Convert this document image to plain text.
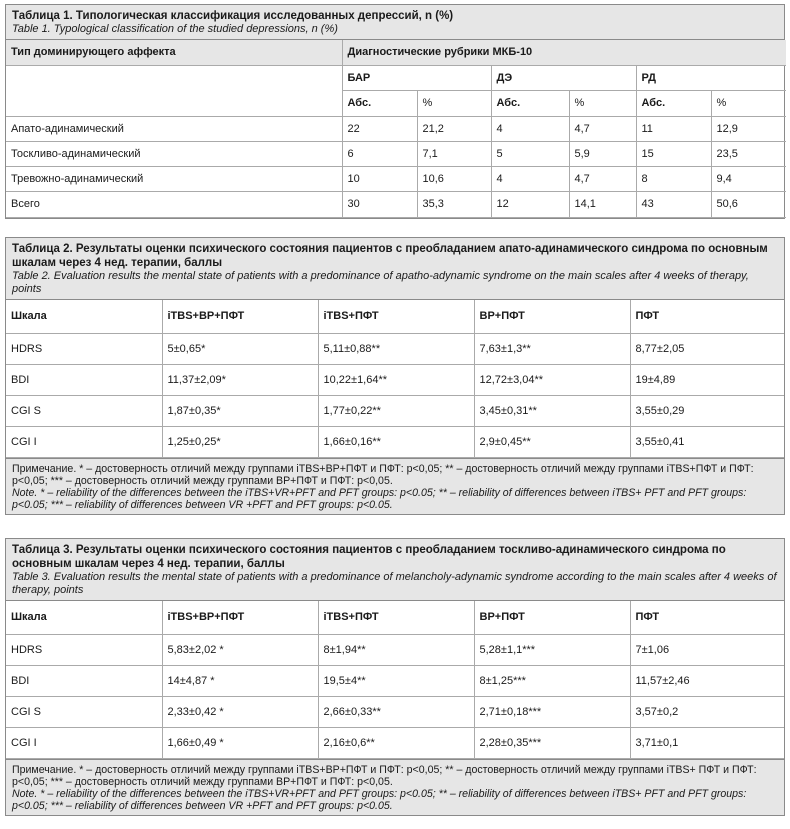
Таблица 1. Типологическая классификация исследованных депрессий, n (%)
Table 1. Typological classification of the studied depressions, n (%)
Тип доминирующего аффекта	Диагностические рубрики МКБ-10					
	БАР		ДЭ		РД	
	Абс.	%	Абс.	%	Абс.	%
Апато-адинамический	22	21,2	4	4,7	11	12,9
Тоскливо-адинамический	6	7,1	5	5,9	15	23,5
Тревожно-адинамический	10	10,6	4	4,7	8	9,4
Всего	30	35,3	12	14,1	43	50,6
Таблица 2. Результаты оценки психического состояния пациентов с преобладанием апато-адинамического синдрома по основным шкалам через 4 нед. терапии, баллы
Table 2. Evaluation results the mental state of patients with a predominance of apatho-adynamic syndrome on the main scales after 4 weeks of therapy, points
Шкала	iTBS+ВР+ПФТ	iTBS+ПФТ	ВР+ПФТ	ПФТ
HDRS	5±0,65*	5,11±0,88**	7,63±1,3**	8,77±2,05
BDI	11,37±2,09*	10,22±1,64**	12,72±3,04**	19±4,89
CGI S	1,87±0,35*	1,77±0,22**	3,45±0,31**	3,55±0,29
CGI I	1,25±0,25*	1,66±0,16**	2,9±0,45**	3,55±0,41
Примечание. * – достоверность отличий между группами iTBS+ВР+ПФТ и ПФТ: p<0,05; ** – достоверность отличий между группами iTBS+ПФТ и ПФТ: p<0,05; *** – достоверность отличий между группами ВР+ПФТ и ПФТ: p<0,05.
Note. * – reliability of the differences between the iTBS+VR+PFT and PFT groups: p<0.05; ** – reliability of differences between iTBS+ PFT and PFT groups: p<0.05; *** – reliability of differences between VR +PFT and PFT groups: p<0.05.
Таблица 3. Результаты оценки психического состояния пациентов с преобладанием тоскливо-адинамического синдрома по основным шкалам через 4 нед. терапии, баллы
Table 3. Evaluation results the mental state of patients with a predominance of melancholy-adynamic syndrome according to the main scales after 4 weeks of therapy, points
Шкала	iTBS+ВР+ПФТ	iTBS+ПФТ	ВР+ПФТ	ПФТ
HDRS	5,83±2,02 *	8±1,94**	5,28±1,1***	7±1,06
BDI	14±4,87 *	19,5±4**	8±1,25***	11,57±2,46
CGI S	2,33±0,42 *	2,66±0,33**	2,71±0,18***	3,57±0,2
CGI I	1,66±0,49 *	2,16±0,6**	2,28±0,35***	3,71±0,1
Примечание. * – достоверность отличий между группами iTBS+ВР+ПФТ и ПФТ: p<0,05; ** – достоверность отличий между группами iTBS+ ПФТ и ПФТ: p<0,05; *** – достоверность отличий между группами ВР+ПФТ и ПФТ: p<0,05.
Note. * – reliability of the differences between the iTBS+VR+PFT and PFT groups: p<0.05; ** – reliability of differences between iTBS+ PFT and PFT groups: p<0.05; *** – reliability of differences between VR +PFT and PFT groups: p<0.05.
